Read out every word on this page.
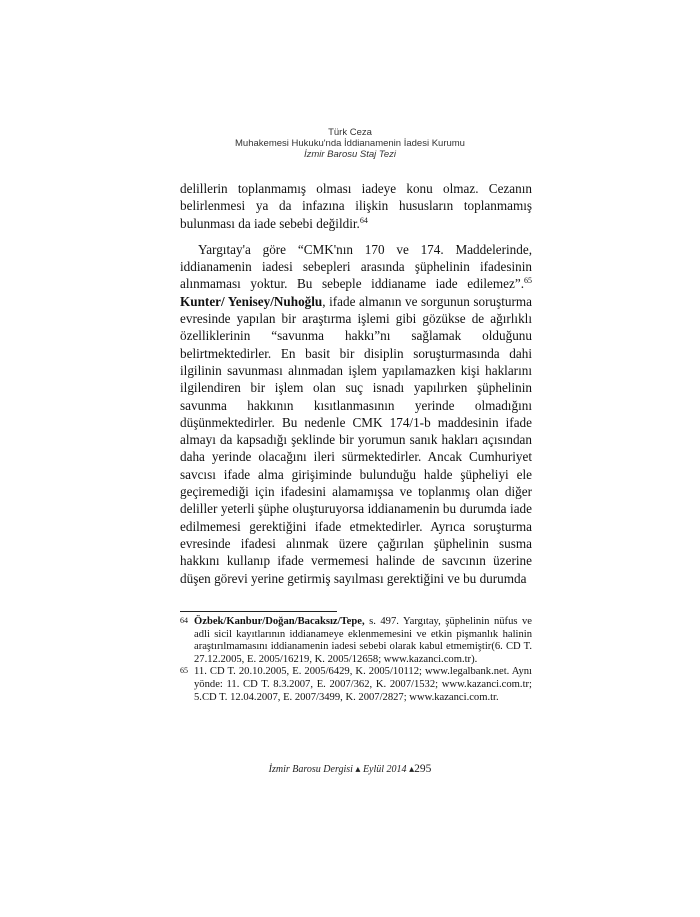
Türk Ceza
Muhakemesi Hukuku'nda İddianamenin İadesi Kurumu
İzmir Barosu Staj Tezi

delillerin toplanmamış olması iadeye konu olmaz. Cezanın belirlenmesi ya da infazına ilişkin hususların toplanmamış bulunması da iade sebebi değildir.$^{64}$

Yargıtay'a göre “CMK'nın 170 ve 174. Maddelerinde, iddianamenin iadesi sebepleri arasında şüphelinin ifadesinin alınmaması yoktur. Bu sebeple iddianame iade edilemez”.$^{65}$ Kunter/ Yenisey/Nuhoğlu, ifade almanın ve sorgunun soruşturma evresinde yapılan bir araştırma işlemi gibi gözükse de ağırlıklı özelliklerinin “savunma hakkı”nı sağlamak olduğunu belirtmektedirler. En basit bir disiplin soruşturmasında dahi ilgilinin savunması alınmadan işlem yapılamazken kişi haklarını ilgilendiren bir işlem olan suç isnadı yapılırken şüphelinin savunma hakkının kısıtlanmasının yerinde olmadığını düşünmektedirler. Bu nedenle CMK 174/1-b maddesinin ifade almayı da kapsadığı şeklinde bir yorumun sanık hakları açısından daha yerinde olacağını ileri sürmektedirler. Ancak Cumhuriyet savcısı ifade alma girişiminde bulunduğu halde şüpheliyi ele geçiremediği için ifadesini alamamışsa ve toplanmış olan diğer deliller yeterli şüphe oluşturuyorsa iddianamenin bu durumda iade edilmemesi gerektiğini ifade etmektedirler. Ayrıca soruşturma evresinde ifadesi alınmak üzere çağırılan şüphelinin susma hakkını kullanıp ifade vermemesi halinde de savcının üzerine düşen görevi yerine getirmiş sayılması gerektiğini ve bu durumda

64 Özbek/Kanbur/Doğan/Bacaksız/Tepe, s. 497. Yargıtay, şüphelinin nüfus ve adli sicil kayıtlarının iddianameye eklenmemesini ve etkin pişmanlık halinin araştırılmamasını iddianamenin iadesi sebebi olarak kabul etmemiştir(6. CD T. 27.12.2005, E. 2005/16219, K. 2005/12658; www.kazanci.com.tr).
65 11. CD T. 20.10.2005, E. 2005/6429, K. 2005/10112; www.legalbank.net. Aynı yönde: 11. CD T. 8.3.2007, E. 2007/362, K. 2007/1532; www.kazanci.com.tr; 5.CD T. 12.04.2007, E. 2007/3499, K. 2007/2827; www.kazanci.com.tr.
İzmir Barosu Dergisi ▴ Eylül 2014 ▴295
